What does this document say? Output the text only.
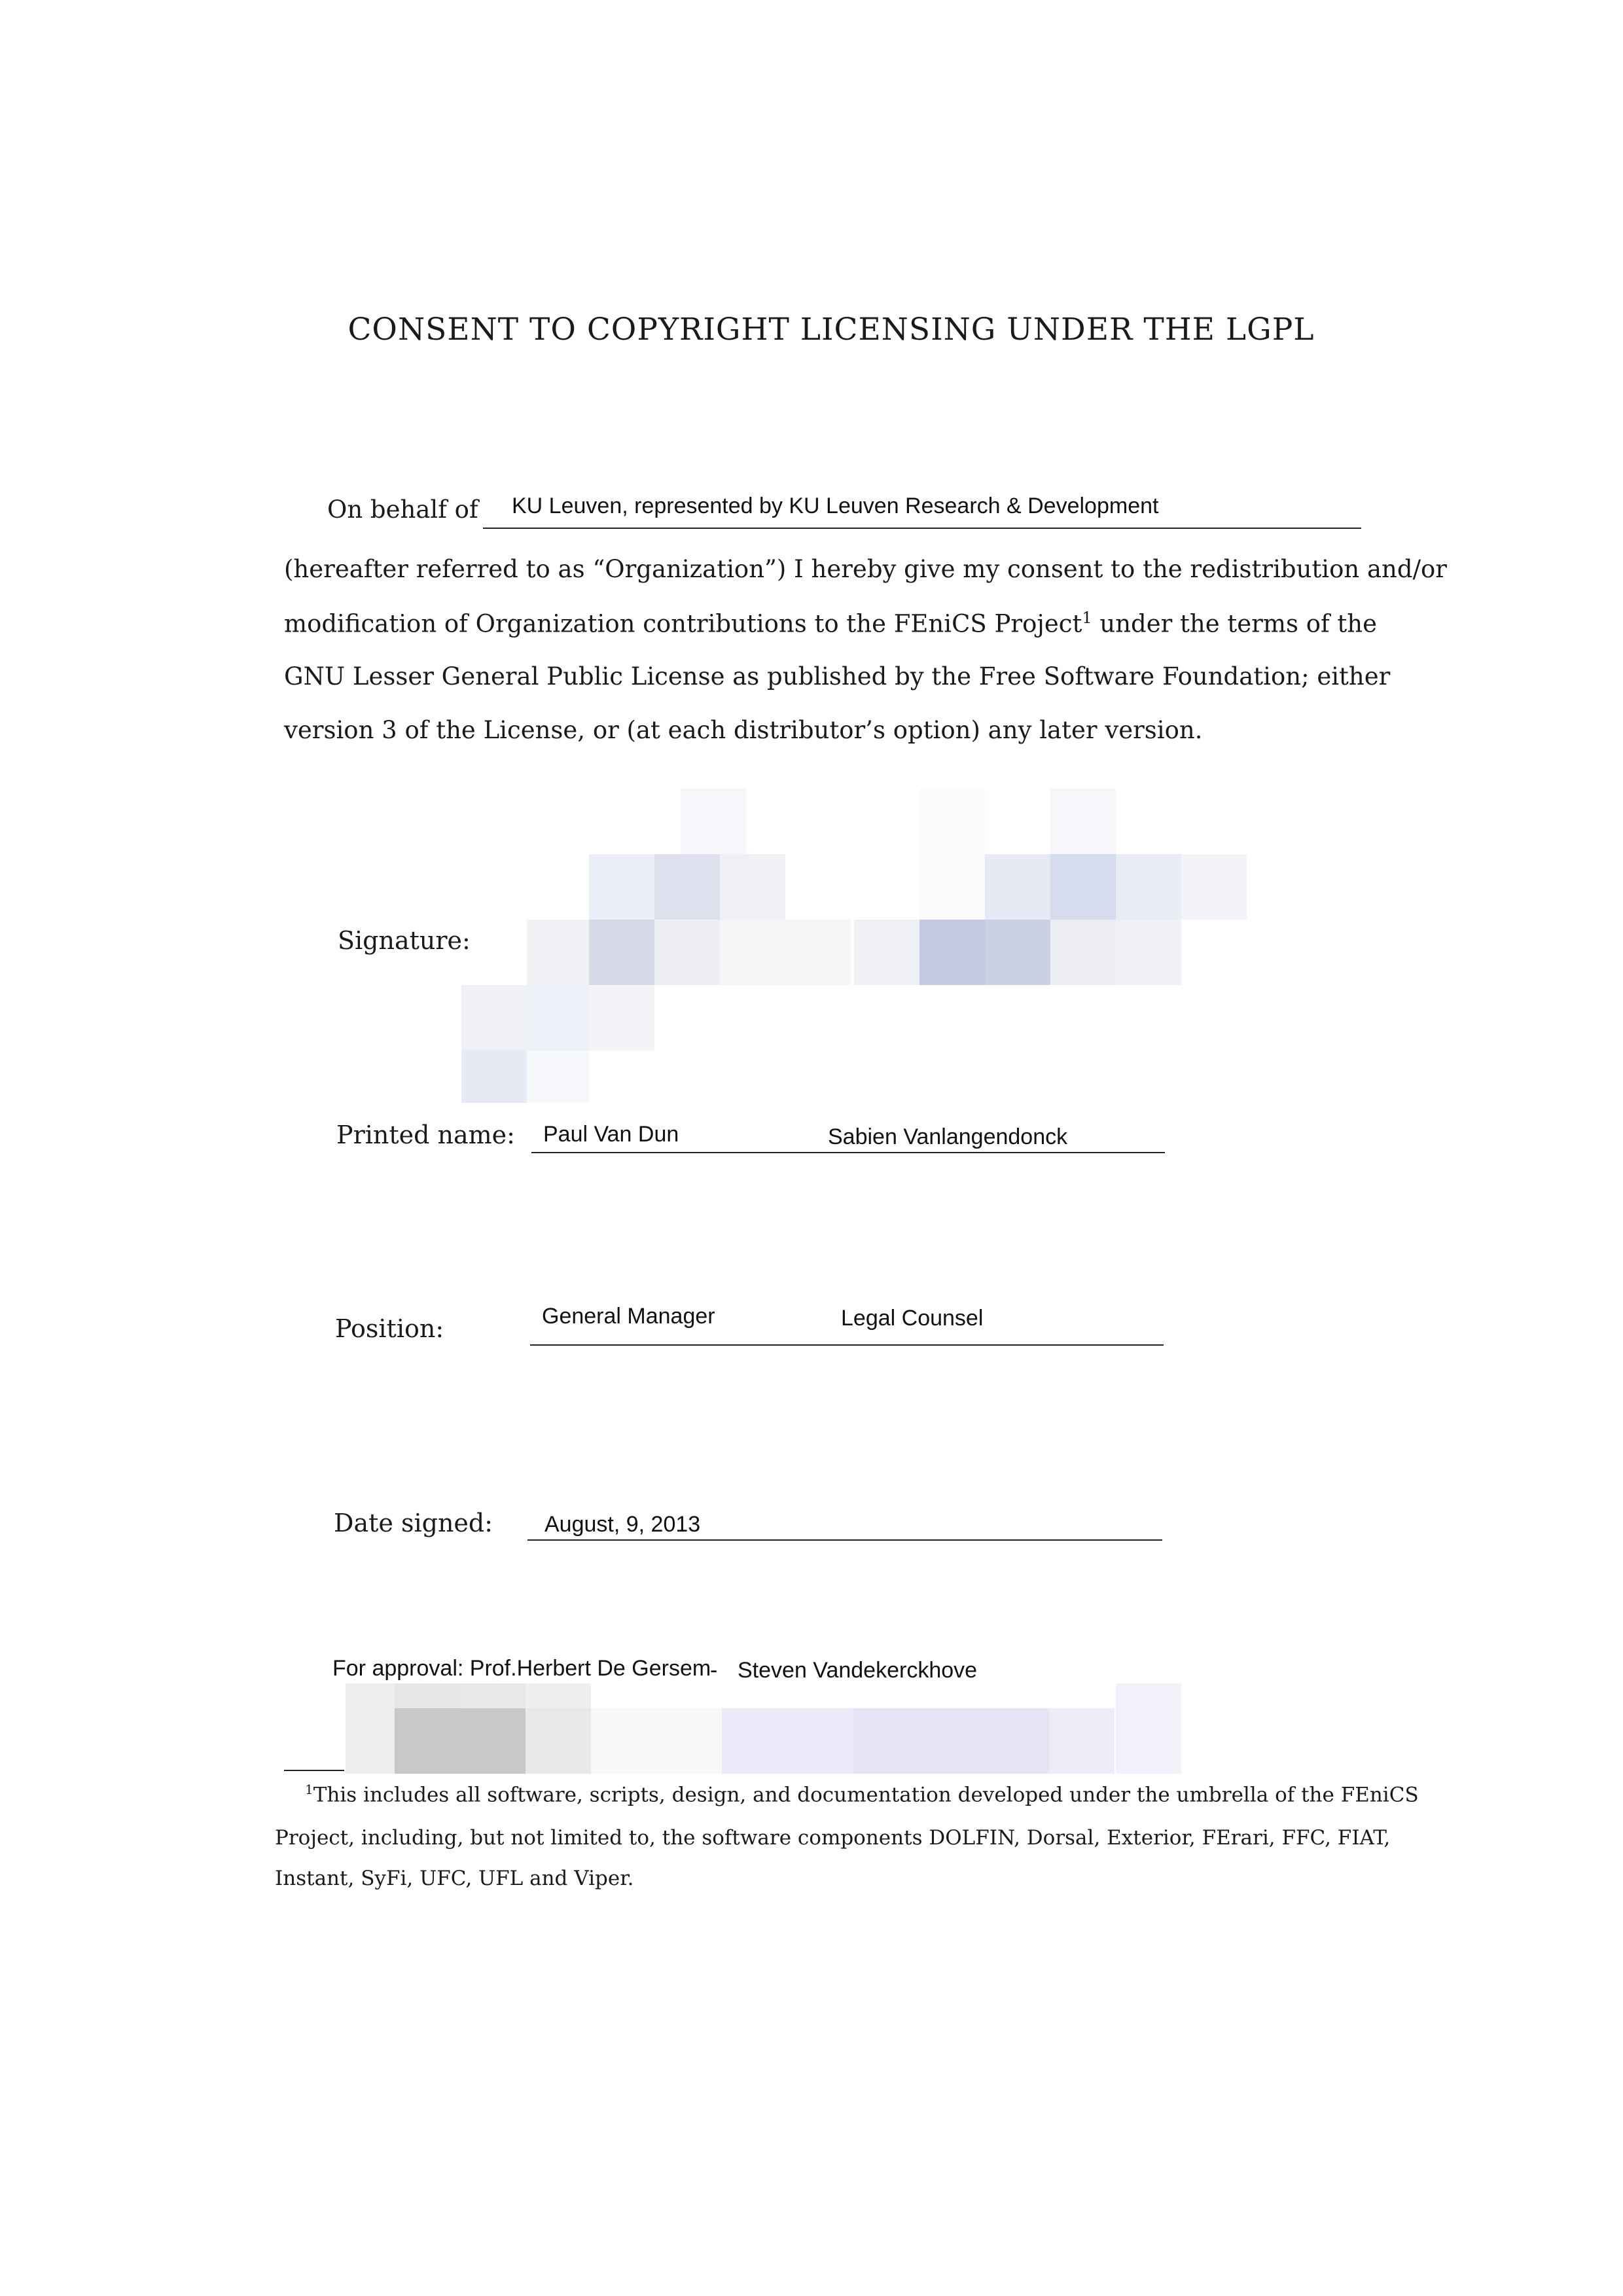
CONSENT TO COPYRIGHT LICENSING UNDER THE LGPL
On behalf of KU Leuven, represented by KU Leuven Research & Development
(hereafter referred to as “Organization”) I hereby give my consent to the redistribution and/or
modification of Organization contributions to the FEniCS Project$^1$ under the terms of the
GNU Lesser General Public License as published by the Free Software Foundation; either
version 3 of the License, or (at each distributor’s option) any later version.
Signature:
Printed name: Paul Van Dun	Sabien Vanlangendonck
Position:	General Manager	Legal Counsel
Date signed: August, 9, 2013
For approval: Prof.Herbert De Gersem
- Steven Vandekerckhove
$^1$This includes all software, scripts, design, and documentation developed under the umbrella of the FEniCS
Project, including, but not limited to, the software components DOLFIN, Dorsal, Exterior, FErari, FFC, FIAT,
Instant, SyFi, UFC, UFL and Viper.
